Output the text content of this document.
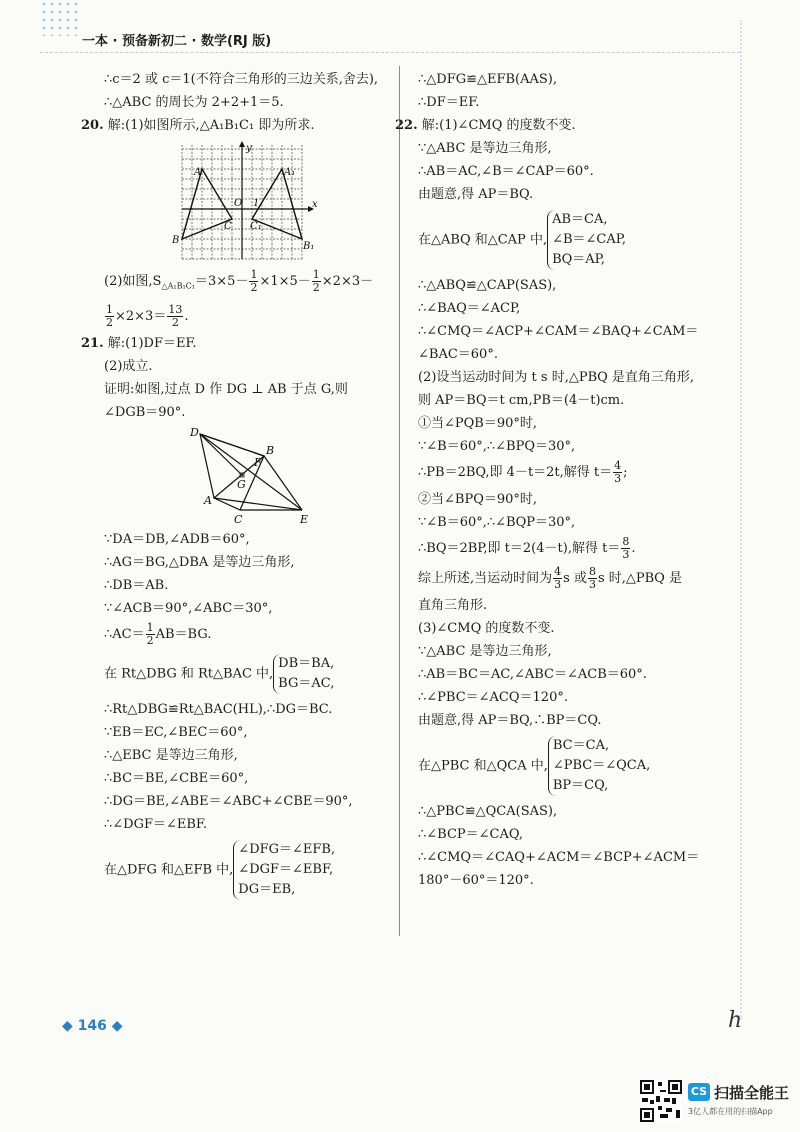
一本 · 预备新初二 · 数学(RJ 版)
∴c＝2 或 c＝1(不符合三角形的三边关系,舍去),
∴△ABC 的周长为 2+2+1＝5.
20. 解:(1)如图所示,△A₁B₁C₁ 即为所求.
y
x
O 1
A	A₁
B
B₁
C C₁
(2)如图$,S_{\triangle A_1B_1C_1}=3\times 5- \frac{1}{2} \times 1\times 5- \frac{1}{2} \times 2\times 3-$
$\frac{1}{2} \times 2\times 3= \frac{13}{2}$ .
21. 解:(1)DF＝EF.
(2)成立.
证明:如图,过点 D 作 DG ⊥ AB 于点 G,则
∠DGB＝90°.
D
F
B
G
A
C	E
∵DA＝DB,∠ADB＝60°,
∴AG＝BG,△DBA 是等边三角形,
∴DB＝AB.
∵∠ACB＝90°,∠ABC＝30°,
∴AC＝ $\frac{1}{2} AB=BG$.
在 Rt△DBG 和 Rt△BAC 中,
DB＝BA,
BG＝AC,
∴Rt△DBG≌Rt△BAC(HL),∴DG＝BC.
∵EB＝EC,∠BEC＝60°,
∴△EBC 是等边三角形,
∴BC＝BE,∠CBE＝60°,
∴DG＝BE,∠ABE＝∠ABC+∠CBE＝90°,
∴∠DGF＝∠EBF.
在△DFG 和△EFB 中,
∠DFG＝∠EFB,
∠DGF＝∠EBF,
DG＝EB,
∴△DFG≌△EFB(AAS),
∴DF＝EF.
22. 解:(1)∠CMQ 的度数不变.
∵△ABC 是等边三角形,
∴AB＝AC,∠B＝∠CAP＝60°.
由题意,得 AP＝BQ.
在△ABQ 和△CAP 中,
AB＝CA,
∠B＝∠CAP,
BQ＝AP,
∴△ABQ≌△CAP(SAS),
∴∠BAQ＝∠ACP,
∴∠CMQ＝∠ACP+∠CAM＝∠BAQ+∠CAM＝
∠BAC＝60°.
(2)设当运动时间为 t s 时,△PBQ 是直角三角形,
则 AP＝BQ＝t cm,PB＝(4－t)cm.
①当∠PQB＝90°时,
∵∠B＝60°,∴∠BPQ＝30°,
∴PB＝2BQ,即 4－t＝2t,解得 $t= \frac{4}{3}$ ;
②当∠BPQ＝90°时,
∵∠B＝60°,∴∠BQP＝30°,
∴BQ＝2BP,即 t＝2(4－t),解得 $t= \frac{8}{3}$ .
综上所述,当运动时间为 $\frac{4}{3}$ s 或 $\frac{8}{3}$ s 时,△PBQ 是
直角三角形.
(3)∠CMQ 的度数不变.
∵△ABC 是等边三角形,
∴AB＝BC＝AC,∠ABC＝∠ACB＝60°.
∴∠PBC＝∠ACQ＝120°.
由题意,得 AP＝BQ,∴BP＝CQ.
在△PBC 和△QCA 中,
BC＝CA,
∠PBC＝∠QCA,
BP＝CQ,
∴△PBC≌△QCA(SAS),
∴∠BCP＝∠CAQ,
∴∠CMQ＝∠CAQ+∠ACM＝∠BCP+∠ACM＝
180°－60°＝120°.
◆ 146 ◆	h
CS 扫描全能王
3亿人都在用的扫描App
